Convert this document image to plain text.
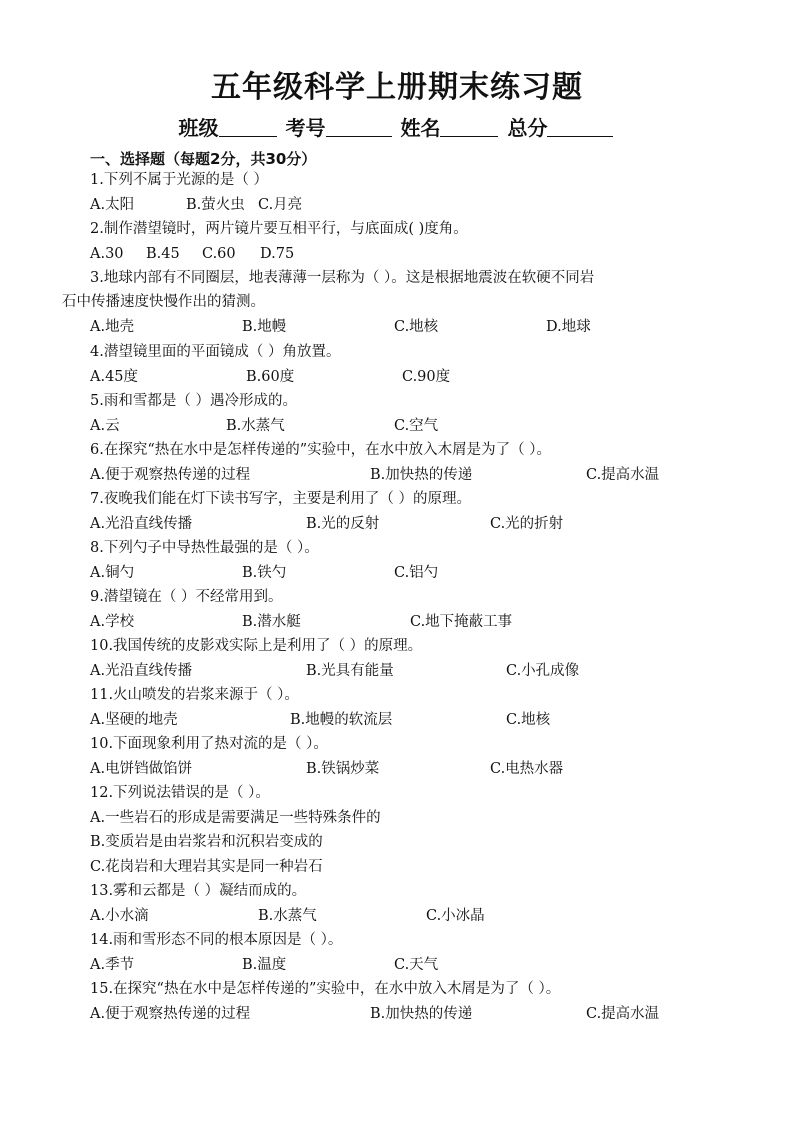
五年级科学上册期末练习题
班级	考号	姓名	总分
一、选择题（每题2分，共30分）
1.下列不属于光源的是（ ）
A.太阳	B.萤火虫 C.月亮
2.制作潜望镜时，两片镜片要互相平行，与底面成( )度角。
A.30 B.45 C.60 D.75
3.地球内部有不同圈层，地表薄薄一层称为（ ）。这是根据地震波在软硬不同岩
石中传播速度快慢作出的猜测。
A.地壳	B.地幔	C.地核	D.地球
4.潜望镜里面的平面镜成（ ）角放置。
A.45度	B.60度	C.90度
5.雨和雪都是（ ）遇冷形成的。
A.云	B.水蒸气	C.空气
6.在探究“热在水中是怎样传递的”实验中，在水中放入木屑是为了（ ）。
A.便于观察热传递的过程	B.加快热的传递	C.提高水温
7.夜晚我们能在灯下读书写字，主要是利用了（ ）的原理。
A.光沿直线传播	B.光的反射	C.光的折射
8.下列勺子中导热性最强的是（ ）。
A.铜勺	B.铁勺	C.铝勺
9.潜望镜在（ ）不经常用到。
A.学校	B.潜水艇	C.地下掩蔽工事
10.我国传统的皮影戏实际上是利用了（ ）的原理。
A.光沿直线传播	B.光具有能量	C.小孔成像
11.火山喷发的岩浆来源于（ ）。
A.坚硬的地壳	B.地幔的软流层	C.地核
10.下面现象利用了热对流的是（ ）。
A.电饼铛做馅饼	B.铁锅炒菜	C.电热水器
12.下列说法错误的是（ ）。
A.一些岩石的形成是需要满足一些特殊条件的
B.变质岩是由岩浆岩和沉积岩变成的
C.花岗岩和大理岩其实是同一种岩石
13.雾和云都是（ ）凝结而成的。
A.小水滴	B.水蒸气	C.小冰晶
14.雨和雪形态不同的根本原因是（ ）。
A.季节	B.温度	C.天气
15.在探究“热在水中是怎样传递的”实验中，在水中放入木屑是为了（ ）。
A.便于观察热传递的过程	B.加快热的传递	C.提高水温
